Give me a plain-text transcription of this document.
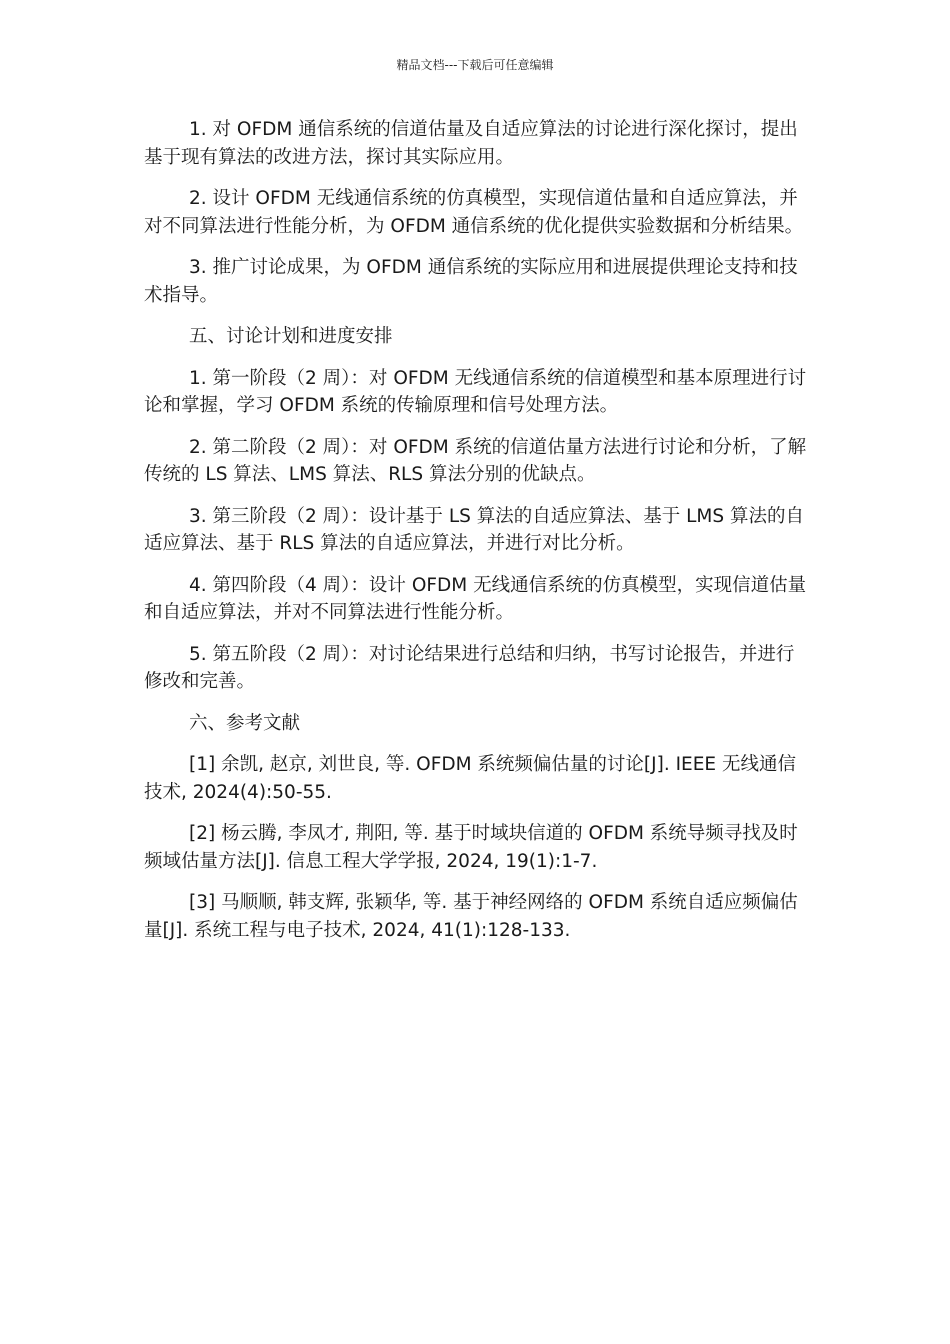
精品文档---下载后可任意编辑

1. 对 OFDM 通信系统的信道估量及自适应算法的讨论进行深化探讨，提出基于现有算法的改进方法，探讨其实际应用。

2. 设计 OFDM 无线通信系统的仿真模型，实现信道估量和自适应算法，并对不同算法进行性能分析，为 OFDM 通信系统的优化提供实验数据和分析结果。

3. 推广讨论成果，为 OFDM 通信系统的实际应用和进展提供理论支持和技术指导。

五、讨论计划和进度安排

1. 第一阶段（2 周）：对 OFDM 无线通信系统的信道模型和基本原理进行讨论和掌握，学习 OFDM 系统的传输原理和信号处理方法。

2. 第二阶段（2 周）：对 OFDM 系统的信道估量方法进行讨论和分析，了解传统的 LS 算法、LMS 算法、RLS 算法分别的优缺点。

3. 第三阶段（2 周）：设计基于 LS 算法的自适应算法、基于 LMS 算法的自适应算法、基于 RLS 算法的自适应算法，并进行对比分析。

4. 第四阶段（4 周）：设计 OFDM 无线通信系统的仿真模型，实现信道估量和自适应算法，并对不同算法进行性能分析。

5. 第五阶段（2 周）：对讨论结果进行总结和归纳，书写讨论报告，并进行修改和完善。

六、参考文献

[1] 余凯, 赵京, 刘世良, 等. OFDM 系统频偏估量的讨论[J]. IEEE 无线通信技术, 2024(4):50-55.

[2] 杨云腾, 李凤才, 荆阳, 等. 基于时域块信道的 OFDM 系统导频寻找及时频域估量方法[J]. 信息工程大学学报, 2024, 19(1):1-7.

[3] 马顺顺, 韩支辉, 张颖华, 等. 基于神经网络的 OFDM 系统自适应频偏估量[J]. 系统工程与电子技术, 2024, 41(1):128-133.
